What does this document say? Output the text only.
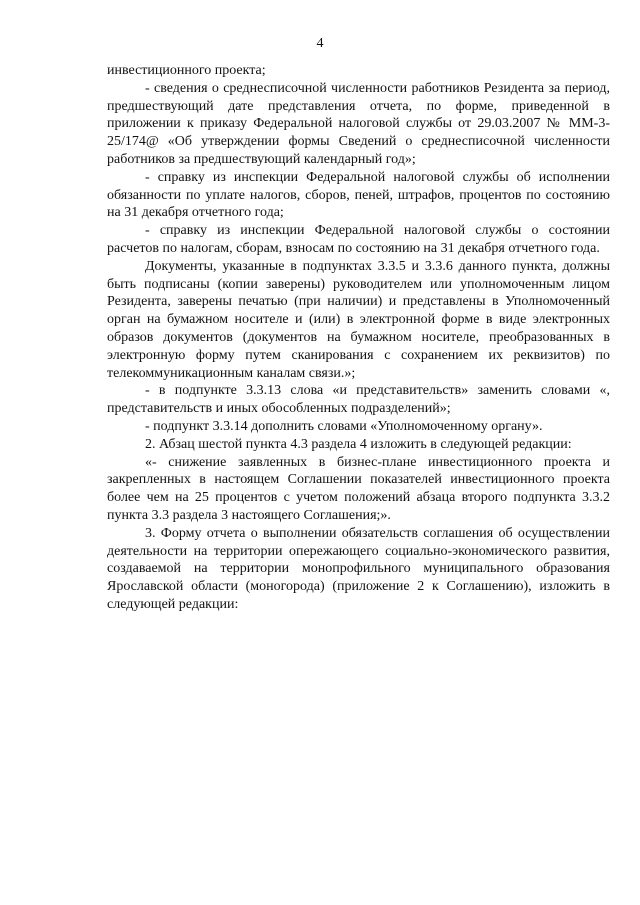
4

инвестиционного проекта;

- сведения о среднесписочной численности работников Резидента за период, предшествующий дате представления отчета, по форме, приведенной в приложении к приказу Федеральной налоговой службы от 29.03.2007 № ММ-3-25/174@ «Об утверждении формы Сведений о среднесписочной численности работников за предшествующий календарный год»;

- справку из инспекции Федеральной налоговой службы об исполнении обязанности по уплате налогов, сборов, пеней, штрафов, процентов по состоянию на 31 декабря отчетного года;

- справку из инспекции Федеральной налоговой службы о состоянии расчетов по налогам, сборам, взносам по состоянию на 31 декабря отчетного года.

Документы, указанные в подпунктах 3.3.5 и 3.3.6 данного пункта, должны быть подписаны (копии заверены) руководителем или уполномоченным лицом Резидента, заверены печатью (при наличии) и представлены в Уполномоченный орган на бумажном носителе и (или) в электронной форме в виде электронных образов документов (документов на бумажном носителе, преобразованных в электронную форму путем сканирования с сохранением их реквизитов) по телекоммуникационным каналам связи.»;

- в подпункте 3.3.13 слова «и представительств» заменить словами «, представительств и иных обособленных подразделений»;

- подпункт 3.3.14 дополнить словами «Уполномоченному органу».

2. Абзац шестой пункта 4.3 раздела 4 изложить в следующей редакции:

«- снижение заявленных в бизнес-плане инвестиционного проекта и закрепленных в настоящем Соглашении показателей инвестиционного проекта более чем на 25 процентов с учетом положений абзаца второго подпункта 3.3.2 пункта 3.3 раздела 3 настоящего Соглашения;».

3. Форму отчета о выполнении обязательств соглашения об осуществлении деятельности на территории опережающего социально-экономического развития, создаваемой на территории монопрофильного муниципального образования Ярославской области (моногорода) (приложение 2 к Соглашению), изложить в следующей редакции:
